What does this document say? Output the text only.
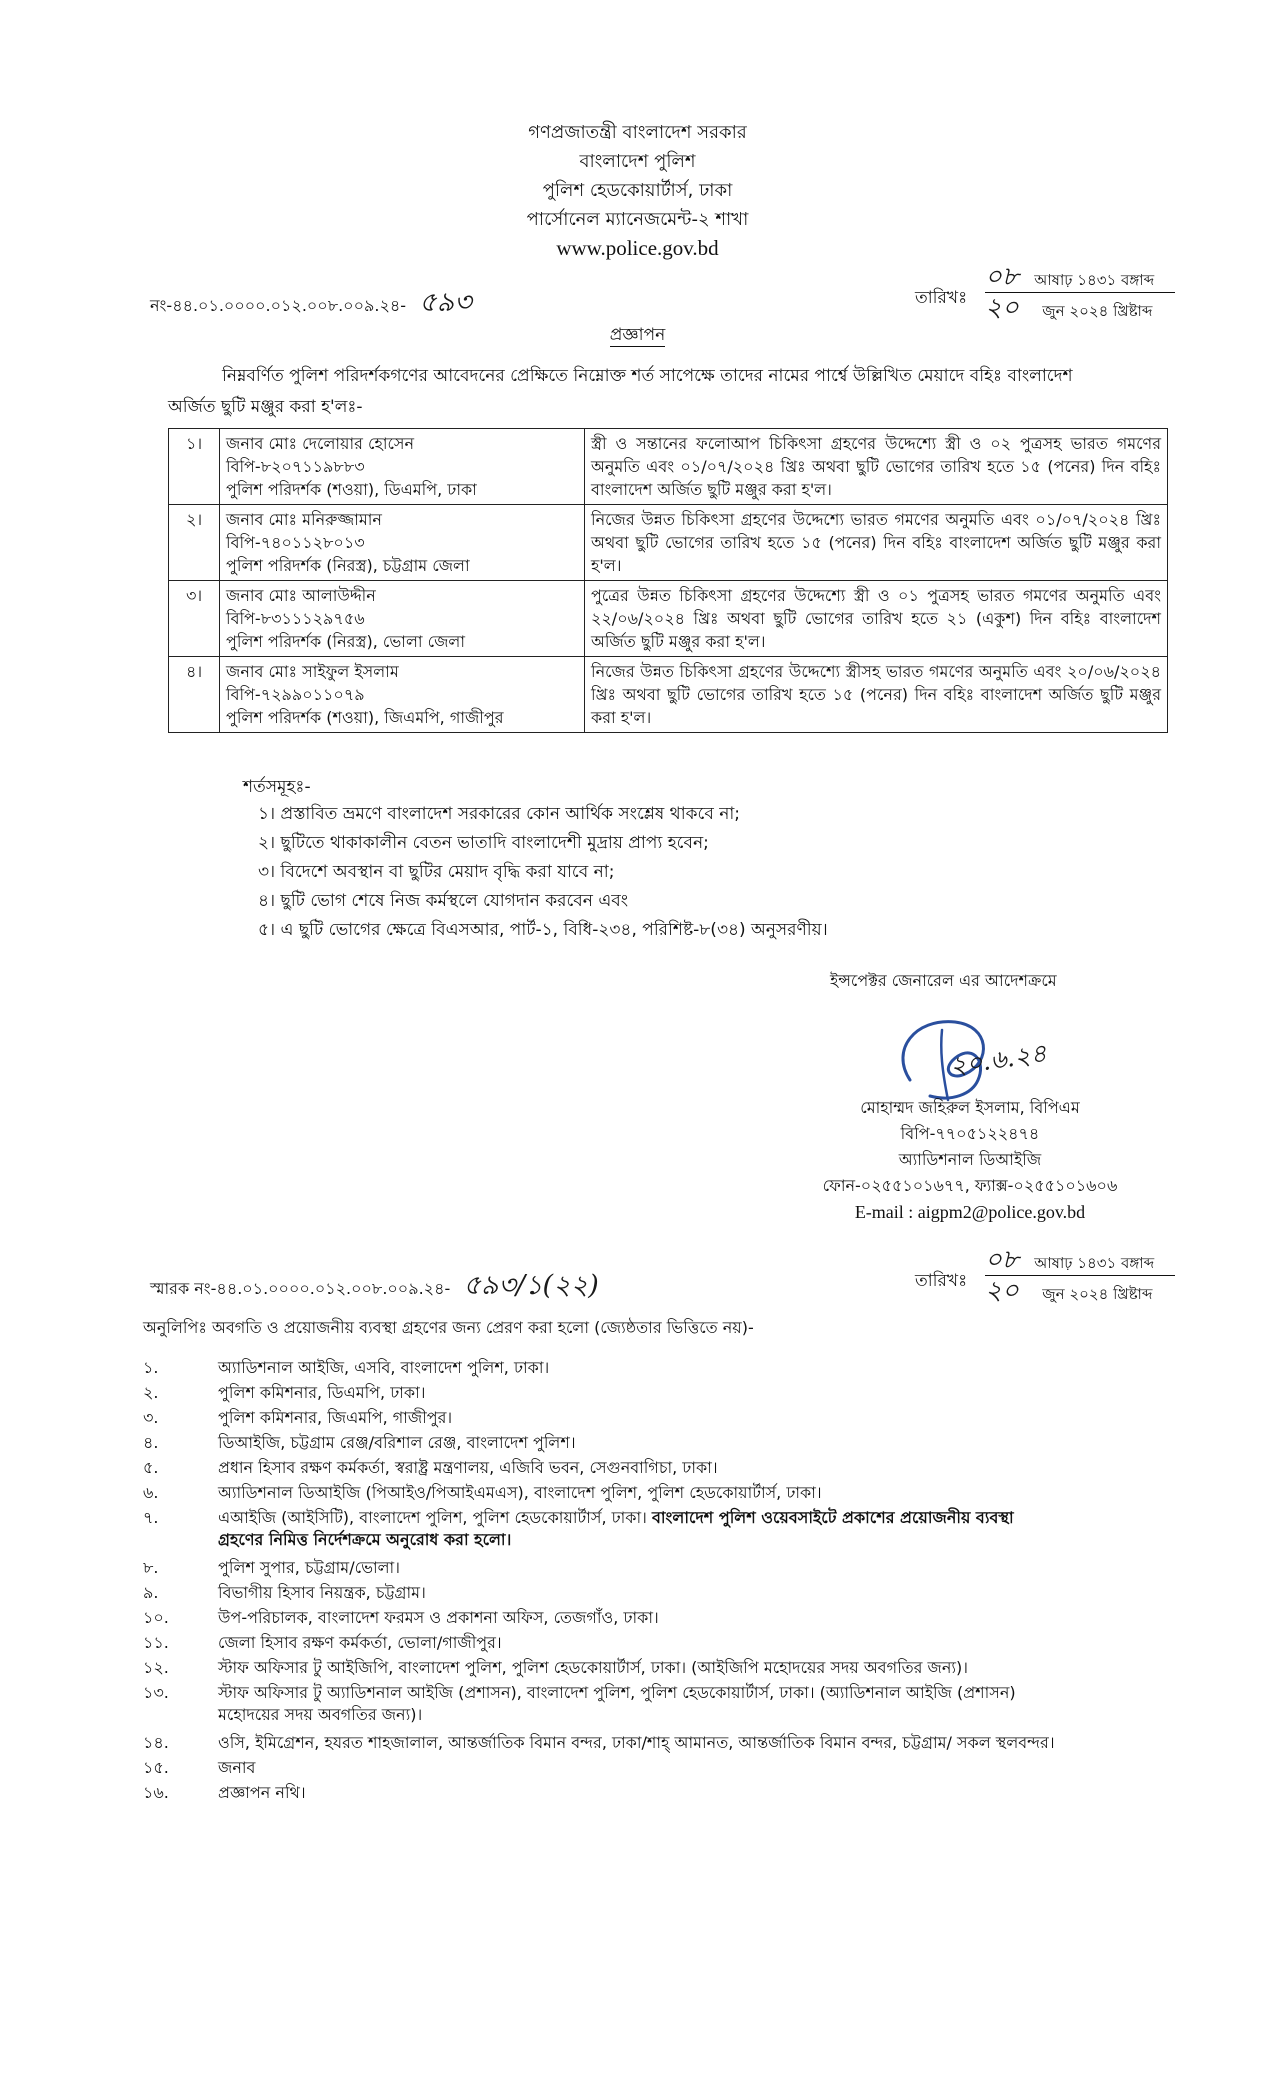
গণপ্রজাতন্ত্রী বাংলাদেশ সরকার
বাংলাদেশ পুলিশ
পুলিশ হেডকোয়ার্টার্স, ঢাকা
পার্সোনেল ম্যানেজমেন্ট-২ শাখা
www.police.gov.bd
নং-৪৪.০১.০০০০.০১২.০০৮.০০৯.২৪- ৫৯৩	তারিখঃ
০৮ আষাঢ় ১৪৩১ বঙ্গাব্দ
২০ জুন ২০২৪ খ্রিষ্টাব্দ
প্রজ্ঞাপন
নিম্নবর্ণিত পুলিশ পরিদর্শকগণের আবেদনের প্রেক্ষিতে নিম্নোক্ত শর্ত সাপেক্ষে তাদের নামের পার্শ্বে উল্লিখিত মেয়াদে বহিঃ বাংলাদেশ
অর্জিত ছুটি মঞ্জুর করা হ'লঃ-
১।	জনাব মোঃ দেলোয়ার হোসেন
বিপি-৮২০৭১১৯৮৮৩
পুলিশ পরিদর্শক (শওয়া), ডিএমপি, ঢাকা	স্ত্রী ও সন্তানের ফলোআপ চিকিৎসা গ্রহণের উদ্দেশ্যে স্ত্রী ও ০২ পুত্রসহ ভারত গমণের অনুমতি এবং ০১/০৭/২০২৪ খ্রিঃ অথবা ছুটি ভোগের তারিখ হতে ১৫ (পনের) দিন বহিঃ বাংলাদেশ অর্জিত ছুটি মঞ্জুর করা হ'ল।
২।	জনাব মোঃ মনিরুজ্জামান
বিপি-৭৪০১১২৮০১৩
পুলিশ পরিদর্শক (নিরস্ত্র), চট্টগ্রাম জেলা	নিজের উন্নত চিকিৎসা গ্রহণের উদ্দেশ্যে ভারত গমণের অনুমতি এবং ০১/০৭/২০২৪ খ্রিঃ অথবা ছুটি ভোগের তারিখ হতে ১৫ (পনের) দিন বহিঃ বাংলাদেশ অর্জিত ছুটি মঞ্জুর করা হ'ল।
৩।	জনাব মোঃ আলাউদ্দীন
বিপি-৮৩১১১২৯৭৫৬
পুলিশ পরিদর্শক (নিরস্ত্র), ভোলা জেলা	পুত্রের উন্নত চিকিৎসা গ্রহণের উদ্দেশ্যে স্ত্রী ও ০১ পুত্রসহ ভারত গমণের অনুমতি এবং ২২/০৬/২০২৪ খ্রিঃ অথবা ছুটি ভোগের তারিখ হতে ২১ (একুশ) দিন বহিঃ বাংলাদেশ অর্জিত ছুটি মঞ্জুর করা হ'ল।
৪।	জনাব মোঃ সাইফুল ইসলাম
বিপি-৭২৯৯০১১০৭৯
পুলিশ পরিদর্শক (শওয়া), জিএমপি, গাজীপুর	নিজের উন্নত চিকিৎসা গ্রহণের উদ্দেশ্যে স্ত্রীসহ ভারত গমণের অনুমতি এবং ২০/০৬/২০২৪ খ্রিঃ অথবা ছুটি ভোগের তারিখ হতে ১৫ (পনের) দিন বহিঃ বাংলাদেশ অর্জিত ছুটি মঞ্জুর করা হ'ল।
শর্তসমূহঃ-
১। প্রস্তাবিত ভ্রমণে বাংলাদেশ সরকারের কোন আর্থিক সংশ্লেষ থাকবে না;
২। ছুটিতে থাকাকালীন বেতন ভাতাদি বাংলাদেশী মুদ্রায় প্রাপ্য হবেন;
৩। বিদেশে অবস্থান বা ছুটির মেয়াদ বৃদ্ধি করা যাবে না;
৪। ছুটি ভোগ শেষে নিজ কর্মস্থলে যোগদান করবেন এবং
৫। এ ছুটি ভোগের ক্ষেত্রে বিএসআর, পার্ট-১, বিধি-২৩৪, পরিশিষ্ট-৮(৩৪) অনুসরণীয়।
ইন্সপেক্টর জেনারেল এর আদেশক্রমে
২০.৬.২৪
মোহাম্মদ জহিরুল ইসলাম, বিপিএম
বিপি-৭৭০৫১২২৪৭৪
অ্যাডিশনাল ডিআইজি
ফোন-০২৫৫১০১৬৭৭, ফ্যাক্স-০২৫৫১০১৬০৬
E-mail : aigpm2@police.gov.bd
স্মারক নং-৪৪.০১.০০০০.০১২.০০৮.০০৯.২৪- ৫৯৩/১(২২)	তারিখঃ
০৮ আষাঢ় ১৪৩১ বঙ্গাব্দ
২০ জুন ২০২৪ খ্রিষ্টাব্দ
অনুলিপিঃ অবগতি ও প্রয়োজনীয় ব্যবস্থা গ্রহণের জন্য প্রেরণ করা হলো (জ্যেষ্ঠতার ভিত্তিতে নয়)-
১.	অ্যাডিশনাল আইজি, এসবি, বাংলাদেশ পুলিশ, ঢাকা।
২.	পুলিশ কমিশনার, ডিএমপি, ঢাকা।
৩.	পুলিশ কমিশনার, জিএমপি, গাজীপুর।
৪.	ডিআইজি, চট্টগ্রাম রেঞ্জ/বরিশাল রেঞ্জ, বাংলাদেশ পুলিশ।
৫.	প্রধান হিসাব রক্ষণ কর্মকর্তা, স্বরাষ্ট্র মন্ত্রণালয়, এজিবি ভবন, সেগুনবাগিচা, ঢাকা।
৬.	অ্যাডিশনাল ডিআইজি (পিআইও/পিআইএমএস), বাংলাদেশ পুলিশ, পুলিশ হেডকোয়ার্টার্স, ঢাকা।
৭.	এআইজি (আইসিটি), বাংলাদেশ পুলিশ, পুলিশ হেডকোয়ার্টার্স, ঢাকা। বাংলাদেশ পুলিশ ওয়েবসাইটে প্রকাশের প্রয়োজনীয় ব্যবস্থা
গ্রহণের নিমিত্ত নির্দেশক্রমে অনুরোধ করা হলো।
৮.	পুলিশ সুপার, চট্টগ্রাম/ভোলা।
৯.	বিভাগীয় হিসাব নিয়ন্ত্রক, চট্টগ্রাম।
১০.	উপ-পরিচালক, বাংলাদেশ ফরমস ও প্রকাশনা অফিস, তেজগাঁও, ঢাকা।
১১.	জেলা হিসাব রক্ষণ কর্মকর্তা, ভোলা/গাজীপুর।
১২.	স্টাফ অফিসার টু আইজিপি, বাংলাদেশ পুলিশ, পুলিশ হেডকোয়ার্টার্স, ঢাকা। (আইজিপি মহোদয়ের সদয় অবগতির জন্য)।
১৩.	স্টাফ অফিসার টু অ্যাডিশনাল আইজি (প্রশাসন), বাংলাদেশ পুলিশ, পুলিশ হেডকোয়ার্টার্স, ঢাকা। (অ্যাডিশনাল আইজি (প্রশাসন)
মহোদয়ের সদয় অবগতির জন্য)।
১৪.	ওসি, ইমিগ্রেশন, হযরত শাহজালাল, আন্তর্জাতিক বিমান বন্দর, ঢাকা/শাহ্ আমানত, আন্তর্জাতিক বিমান বন্দর, চট্টগ্রাম/ সকল স্থলবন্দর।
১৫.	জনাব
১৬.	প্রজ্ঞাপন নথি।
